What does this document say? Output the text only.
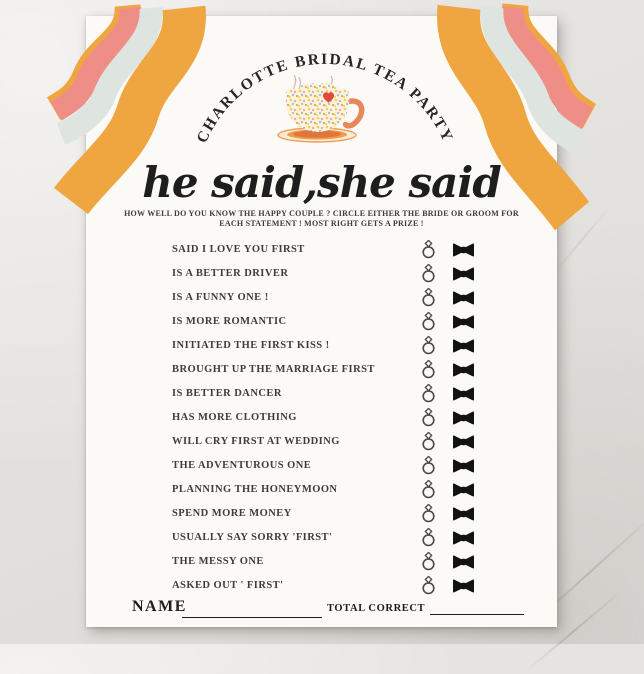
CHARLOTTE BRIDAL TEA PARTY
he said,she said
HOW WELL DO YOU KNOW THE HAPPY COUPLE ? CIRCLE EITHER THE BRIDE OR GROOM FOR
EACH STATEMENT ! MOST RIGHT GETS A PRIZE !
SAID I LOVE YOU FIRST
IS A BETTER DRIVER
IS A FUNNY ONE !
IS MORE ROMANTIC
INITIATED THE FIRST KISS !
BROUGHT UP THE MARRIAGE FIRST
IS BETTER DANCER
HAS MORE CLOTHING
WILL CRY FIRST AT WEDDING
THE ADVENTUROUS ONE
PLANNING THE HONEYMOON
SPEND MORE MONEY
USUALLY SAY SORRY 'FIRST'
THE MESSY ONE
ASKED OUT ' FIRST'
NAME	TOTAL CORRECT
